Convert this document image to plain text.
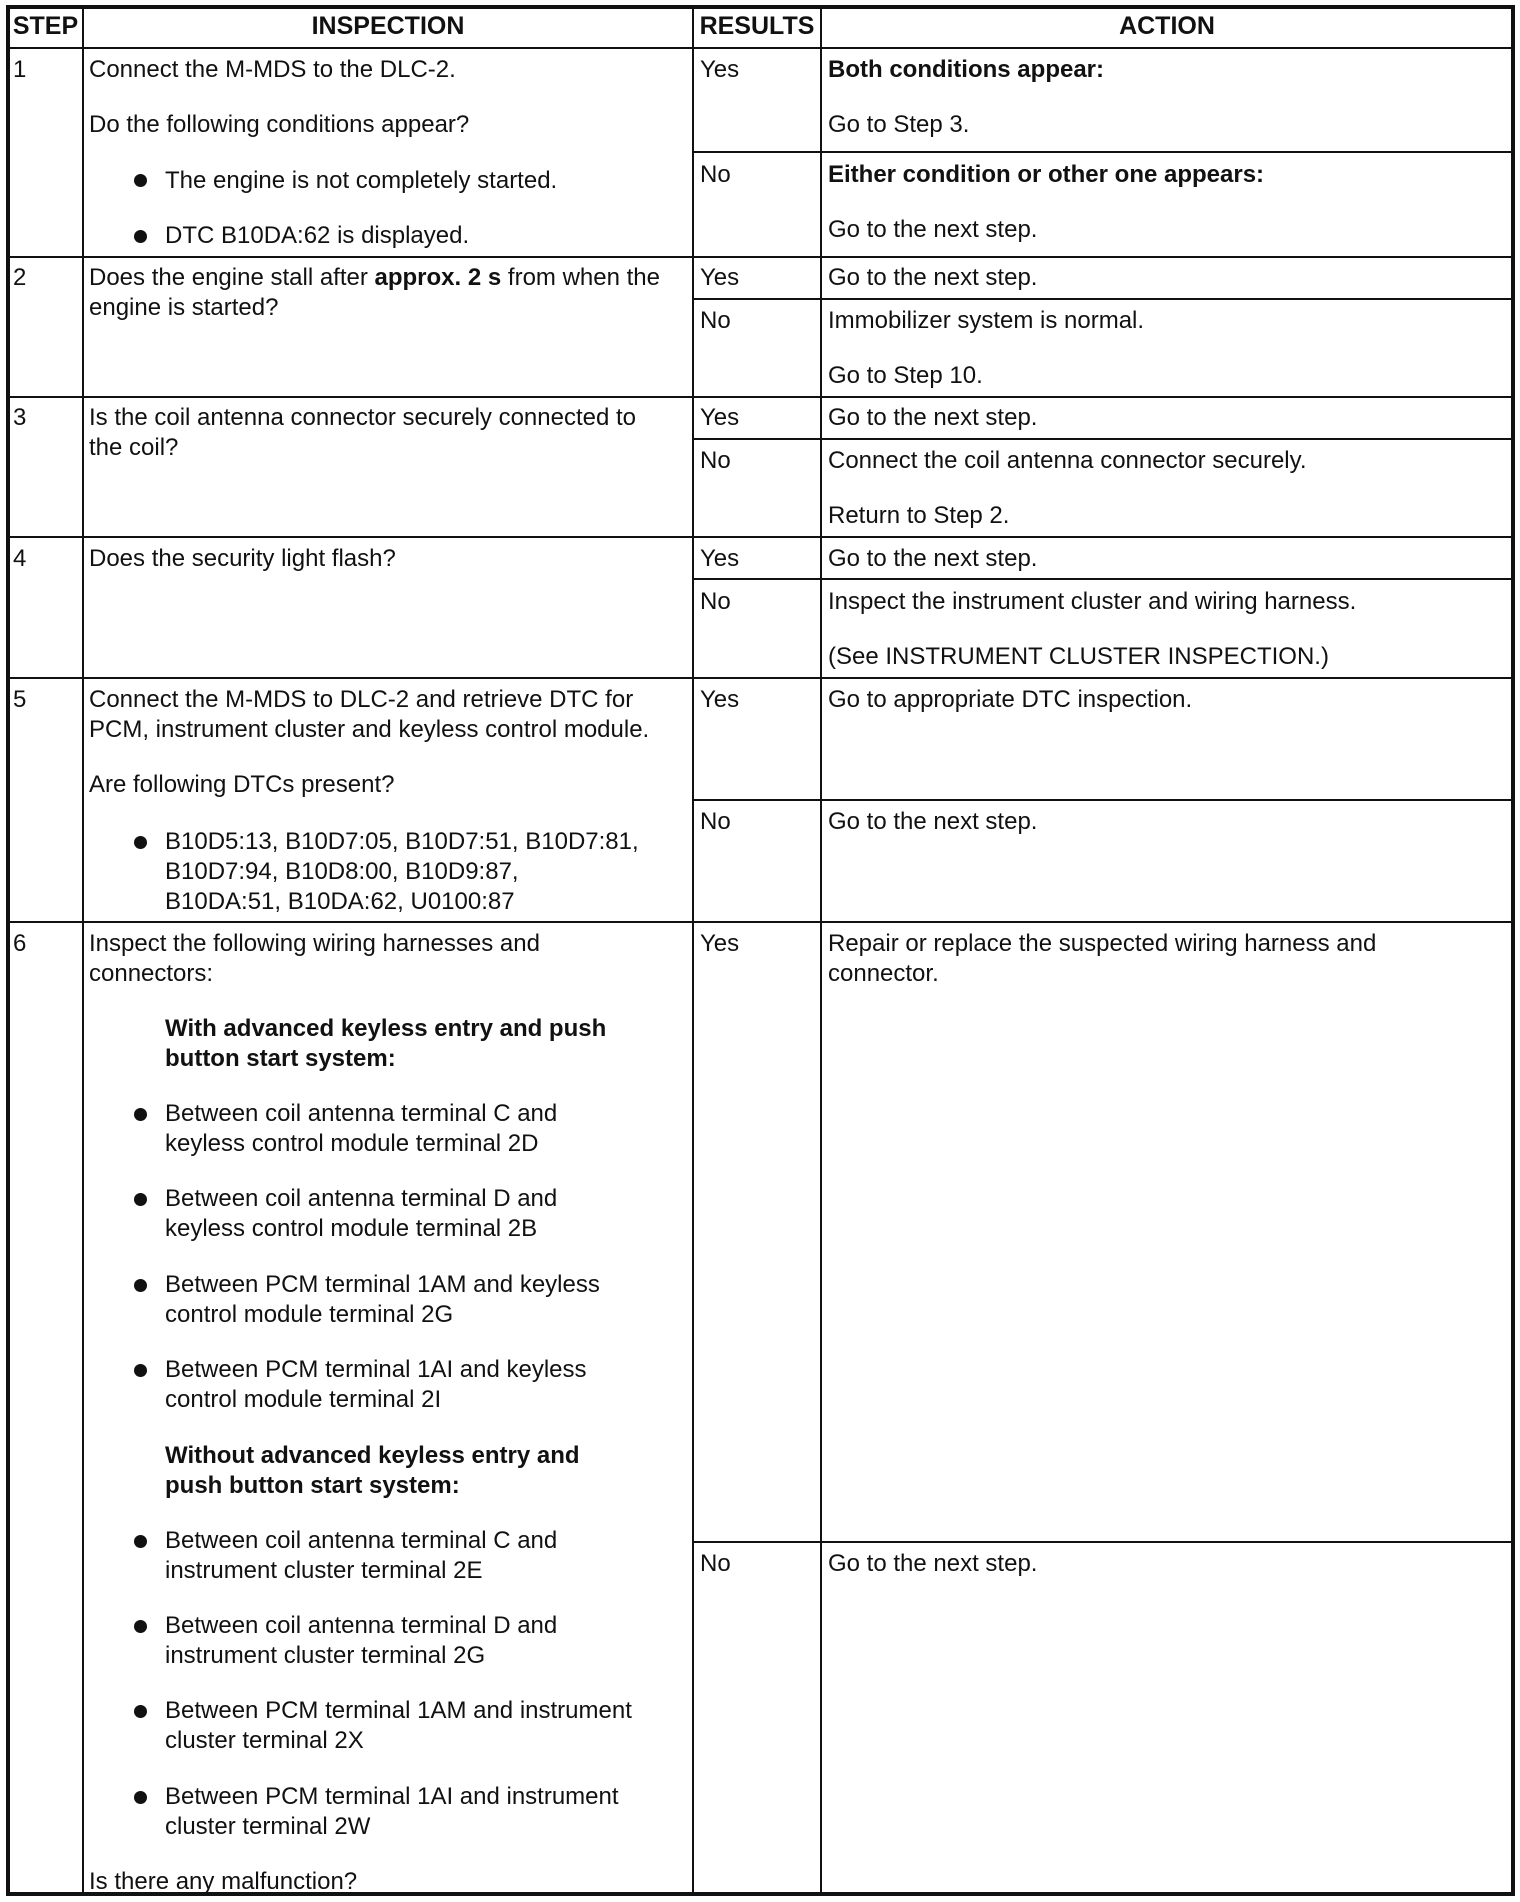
STEP	INSPECTION	RESULTS	ACTION
1	Connect the M-MDS to the DLC-2.
Do the following conditions appear?
The engine is not completely started.
DTC B10DA:62 is displayed.
Yes	Both conditions appear:
Go to Step 3.
No	Either condition or other one appears:
Go to the next step.
2	Does the engine stall after approx. 2 s from when the
engine is started?
Yes	Go to the next step.
No	Immobilizer system is normal.
Go to Step 10.
3	Is the coil antenna connector securely connected to
the coil?
Yes	Go to the next step.
No	Connect the coil antenna connector securely.
Return to Step 2.
4	Does the security light flash?	Yes	Go to the next step.
No	Inspect the instrument cluster and wiring harness.
(See INSTRUMENT CLUSTER INSPECTION.)
5	Connect the M-MDS to DLC-2 and retrieve DTC for
PCM, instrument cluster and keyless control module.
Are following DTCs present?
B10D5:13, B10D7:05, B10D7:51, B10D7:81,
B10D7:94, B10D8:00, B10D9:87,
B10DA:51, B10DA:62, U0100:87
Yes	Go to appropriate DTC inspection.
No	Go to the next step.
6	Inspect the following wiring harnesses and
connectors:
With advanced keyless entry and push
button start system:
Between coil antenna terminal C and
keyless control module terminal 2D
Between coil antenna terminal D and
keyless control module terminal 2B
Between PCM terminal 1AM and keyless
control module terminal 2G
Between PCM terminal 1AI and keyless
control module terminal 2I
Without advanced keyless entry and
push button start system:
Between coil antenna terminal C and
instrument cluster terminal 2E
Between coil antenna terminal D and
instrument cluster terminal 2G
Between PCM terminal 1AM and instrument
cluster terminal 2X
Between PCM terminal 1AI and instrument
cluster terminal 2W
Is there any malfunction?
Yes	Repair or replace the suspected wiring harness and
connector.
No	Go to the next step.
